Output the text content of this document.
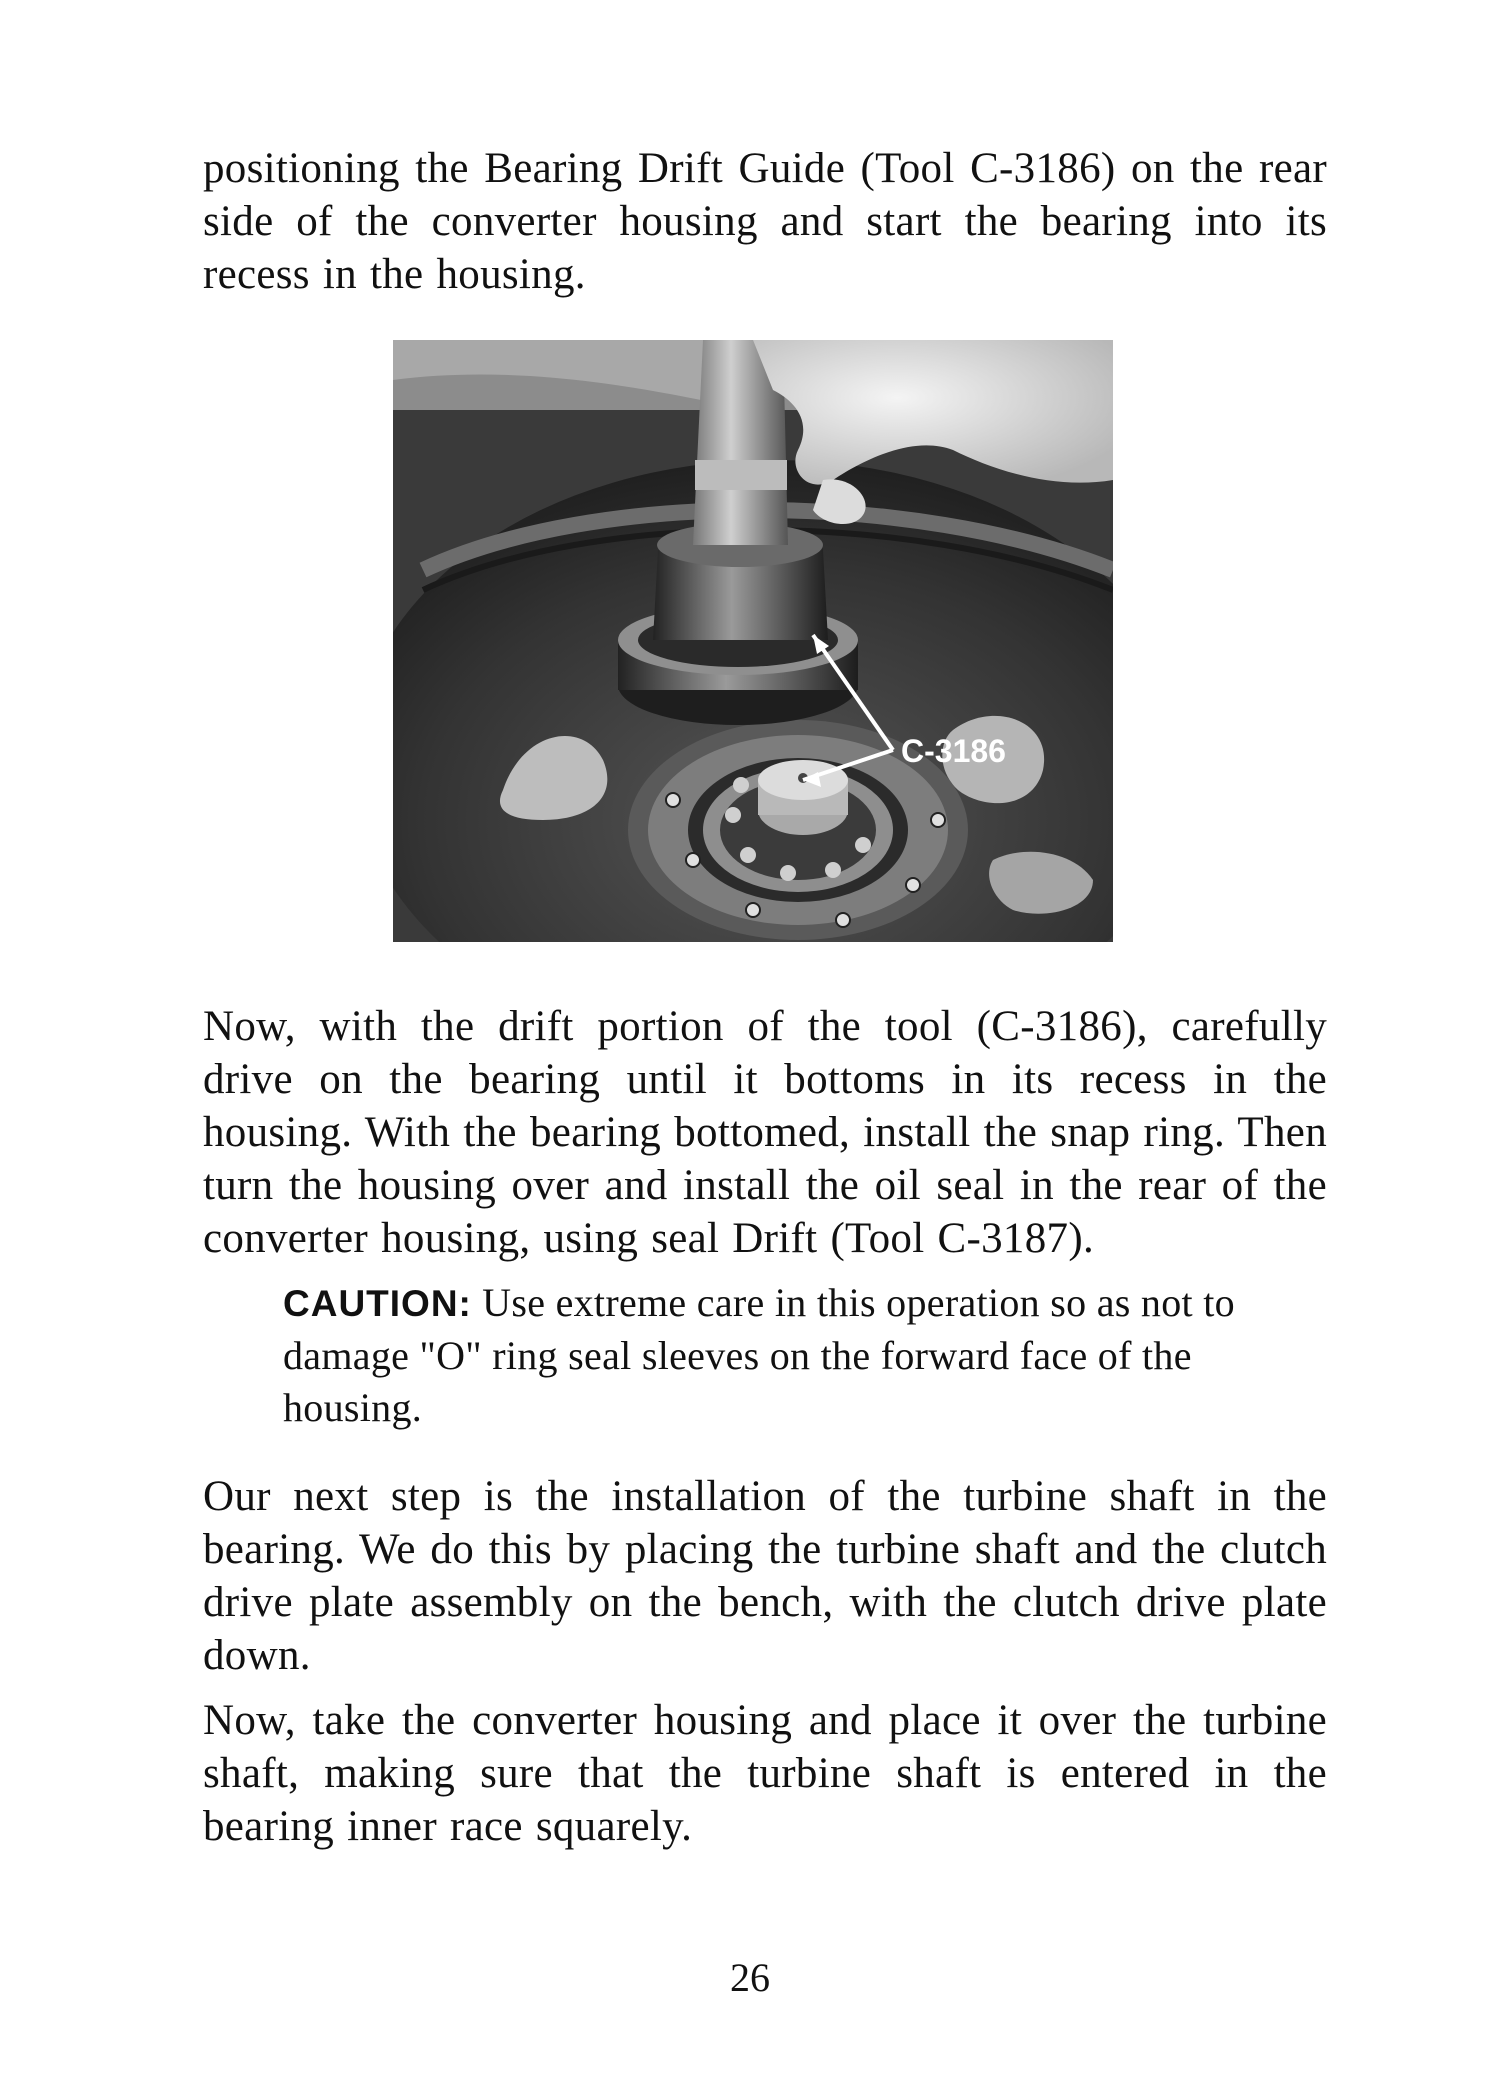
positioning the Bearing Drift Guide (Tool C-3186) on the rear side of the converter housing and start the bearing into its recess in the housing.

C-3186

Now, with the drift portion of the tool (C-3186), carefully drive on the bearing until it bottoms in its recess in the housing. With the bearing bottomed, install the snap ring. Then turn the housing over and install the oil seal in the rear of the converter housing, using seal Drift (Tool C-3187).

CAUTION: Use extreme care in this operation so as not to damage "O" ring seal sleeves on the forward face of the housing.

Our next step is the installation of the turbine shaft in the bearing. We do this by placing the turbine shaft and the clutch drive plate assembly on the bench, with the clutch drive plate down.

Now, take the converter housing and place it over the turbine shaft, making sure that the turbine shaft is entered in the bearing inner race squarely.

26
